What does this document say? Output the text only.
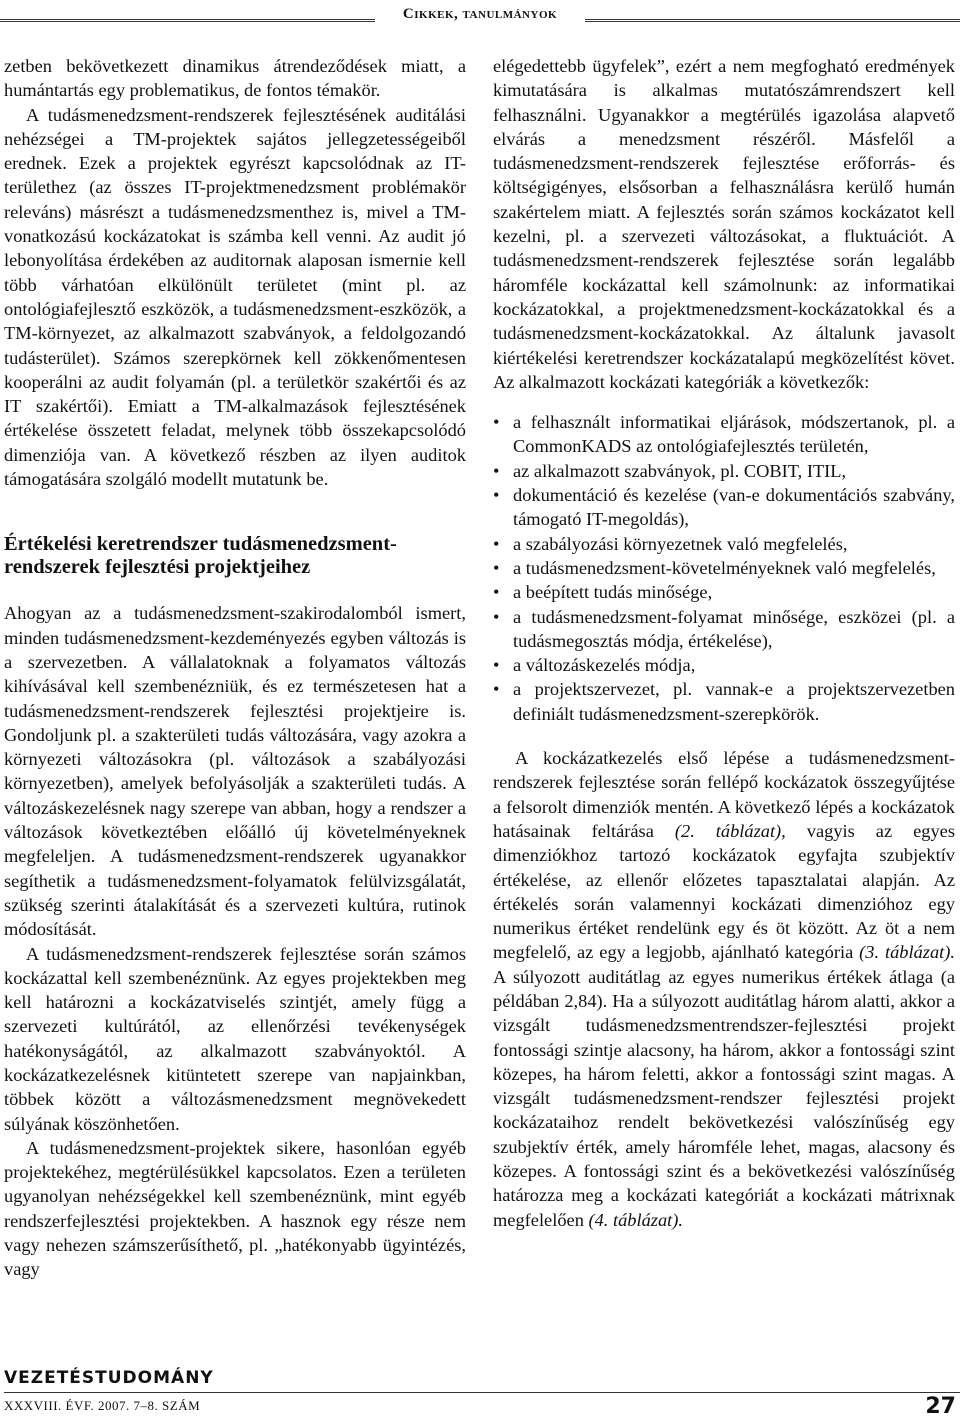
Cikkek, tanulmányok

zetben bekövetkezett dinamikus átrendeződések miatt, a humántartás egy problematikus, de fontos témakör.

A tudásmenedzsment-rendszerek fejlesztésének auditálási nehézségei a TM-projektek sajátos jellegzetességeiből erednek. Ezek a projektek egyrészt kapcsolódnak az IT-területhez (az összes IT-projektmenedzsment problémakör releváns) másrészt a tudásmenedzsmenthez is, mivel a TM-vonatkozású kockázatokat is számba kell venni. Az audit jó lebonyolítása érdekében az auditornak alaposan ismernie kell több várhatóan elkülönült területet (mint pl. az ontológiafejlesztő eszközök, a tudásmenedzsment-eszközök, a TM-környezet, az alkalmazott szabványok, a feldolgozandó tudásterület). Számos szerepkörnek kell zökkenőmentesen kooperálni az audit folyamán (pl. a területkör szakértői és az IT szakértői). Emiatt a TM-alkalmazások fejlesztésének értékelése összetett feladat, melynek több összekapcsolódó dimenziója van. A következő részben az ilyen auditok támogatására szolgáló modellt mutatunk be.

Értékelési keretrendszer tudásmenedzsment-rendszerek fejlesztési projektjeihez

Ahogyan az a tudásmenedzsment-szakirodalomból ismert, minden tudásmenedzsment-kezdeményezés egyben változás is a szervezetben. A vállalatoknak a folyamatos változás kihívásával kell szembenézniük, és ez természetesen hat a tudásmenedzsment-rendszerek fejlesztési projektjeire is. Gondoljunk pl. a szakterületi tudás változására, vagy azokra a környezeti változásokra (pl. változások a szabályozási környezetben), amelyek befolyásolják a szakterületi tudás. A változáskezelésnek nagy szerepe van abban, hogy a rendszer a változások következtében előálló új követelményeknek megfeleljen. A tudásmenedzsment-rendszerek ugyanakkor segíthetik a tudásmenedzsment-folyamatok felülvizsgálatát, szükség szerinti átalakítását és a szervezeti kultúra, rutinok módosítását.

A tudásmenedzsment-rendszerek fejlesztése során számos kockázattal kell szembenéznünk. Az egyes projektekben meg kell határozni a kockázatviselés szintjét, amely függ a szervezeti kultúrától, az ellenőrzési tevékenységek hatékonyságától, az alkalmazott szabványoktól. A kockázatkezelésnek kitüntetett szerepe van napjainkban, többek között a változásmenedzsment megnövekedett súlyának köszönhetően.

A tudásmenedzsment-projektek sikere, hasonlóan egyéb projektekéhez, megtérülésükkel kapcsolatos. Ezen a területen ugyanolyan nehézségekkel kell szembenéznünk, mint egyéb rendszerfejlesztési projektekben. A hasznok egy része nem vagy nehezen számszerűsíthető, pl. „hatékonyabb ügyintézés, vagy

elégedettebb ügyfelek”, ezért a nem megfogható eredmények kimutatására is alkalmas mutatószámrendszert kell felhasználni. Ugyanakkor a megtérülés igazolása alapvető elvárás a menedzsment részéről. Másfelől a tudásmenedzsment-rendszerek fejlesztése erőforrás- és költségigényes, elsősorban a felhasználásra kerülő humán szakértelem miatt. A fejlesztés során számos kockázatot kell kezelni, pl. a szervezeti változásokat, a fluktuációt. A tudásmenedzsment-rendszerek fejlesztése során legalább háromféle kockázattal kell számolnunk: az informatikai kockázatokkal, a projektmenedzsment-kockázatokkal és a tudásmenedzsment-kockázatokkal. Az általunk javasolt kiértékelési keretrendszer kockázatalapú megközelítést követ. Az alkalmazott kockázati kategóriák a következők:

• a felhasznált informatikai eljárások, módszertanok, pl. a CommonKADS az ontológiafejlesztés területén,
• az alkalmazott szabványok, pl. COBIT, ITIL,
• dokumentáció és kezelése (van-e dokumentációs szabvány, támogató IT-megoldás),
• a szabályozási környezetnek való megfelelés,
• a tudásmenedzsment-követelményeknek való megfelelés,
• a beépített tudás minősége,
• a tudásmenedzsment-folyamat minősége, eszközei (pl. a tudásmegosztás módja, értékelése),
• a változáskezelés módja,
• a projektszervezet, pl. vannak-e a projektszervezetben definiált tudásmenedzsment-szerepkörök.

A kockázatkezelés első lépése a tudásmenedzsment-rendszerek fejlesztése során fellépő kockázatok összegyűjtése a felsorolt dimenziók mentén. A következő lépés a kockázatok hatásainak feltárása (2. táblázat), vagyis az egyes dimenziókhoz tartozó kockázatok egyfajta szubjektív értékelése, az ellenőr előzetes tapasztalatai alapján. Az értékelés során valamennyi kockázati dimenzióhoz egy numerikus értéket rendelünk egy és öt között. Az öt a nem megfelelő, az egy a legjobb, ajánlható kategória (3. táblázat). A súlyozott auditátlag az egyes numerikus értékek átlaga (a példában 2,84). Ha a súlyozott auditátlag három alatti, akkor a vizsgált tudásmenedzsmentrendszer-fejlesztési projekt fontossági szintje alacsony, ha három, akkor a fontossági szint közepes, ha három feletti, akkor a fontossági szint magas. A vizsgált tudásmenedzsment-rendszer fejlesztési projekt kockázataihoz rendelt bekövetkezési valószínűség egy szubjektív érték, amely háromféle lehet, magas, alacsony és közepes. A fontossági szint és a bekövetkezési valószínűség határozza meg a kockázati kategóriát a kockázati mátrixnak megfelelően (4. táblázat).

VEZETÉSTUDOMÁNY
XXXVIII. ÉVF. 2007. 7–8. SZÁM	27
